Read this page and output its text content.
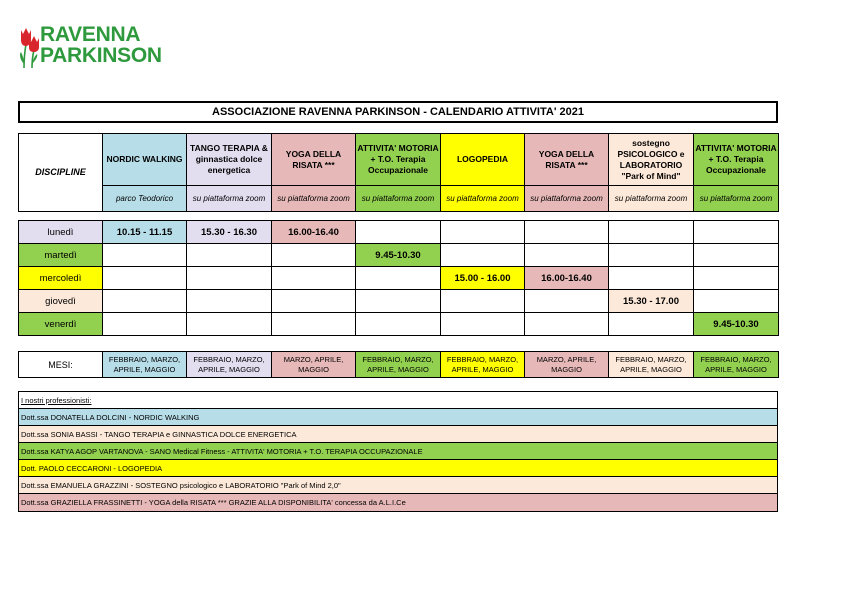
RAVENNA
PARKINSON
ASSOCIAZIONE RAVENNA PARKINSON - CALENDARIO ATTIVITA' 2021
DISCIPLINE	NORDIC WALKING	TANGO TERAPIA & ginnastica dolce energetica	YOGA DELLA RISATA ***	ATTIVITA' MOTORIA + T.O. Terapia Occupazionale	LOGOPEDIA	YOGA DELLA RISATA ***	sostegno PSICOLOGICO e LABORATORIO "Park of Mind"	ATTIVITA' MOTORIA + T.O. Terapia Occupazionale
	parco Teodorico	su piattaforma zoom	su piattaforma zoom	su piattaforma zoom	su piattaforma zoom	su piattaforma zoom	su piattaforma zoom	su piattaforma zoom
lunedì	10.15 - 11.15	15.30 - 16.30	16.00-16.40					
martedì				9.45-10.30				
mercoledì					15.00 - 16.00	16.00-16.40		
giovedì							15.30 - 17.00	
venerdì								9.45-10.30
MESI:	FEBBRAIO, MARZO, APRILE, MAGGIO	FEBBRAIO, MARZO, APRILE, MAGGIO	MARZO, APRILE, MAGGIO	FEBBRAIO, MARZO, APRILE, MAGGIO	FEBBRAIO, MARZO, APRILE, MAGGIO	MARZO, APRILE, MAGGIO	FEBBRAIO, MARZO, APRILE, MAGGIO	FEBBRAIO, MARZO, APRILE, MAGGIO
I nostri professionisti:
Dott.ssa DONATELLA DOLCINI - NORDIC WALKING
Dott.ssa SONIA BASSI - TANGO TERAPIA e GINNASTICA DOLCE ENERGETICA
Dott.ssa KATYA AGOP VARTANOVA - SANO Medical Fitness - ATTIVITA' MOTORIA + T.O. TERAPIA OCCUPAZIONALE
Dott. PAOLO CECCARONI - LOGOPEDIA
Dott.ssa EMANUELA GRAZZINI - SOSTEGNO psicologico e LABORATORIO "Park of Mind 2,0"
Dott.ssa GRAZIELLA FRASSINETTI - YOGA della RISATA *** GRAZIE ALLA DISPONIBILITA' concessa da A.L.I.Ce
